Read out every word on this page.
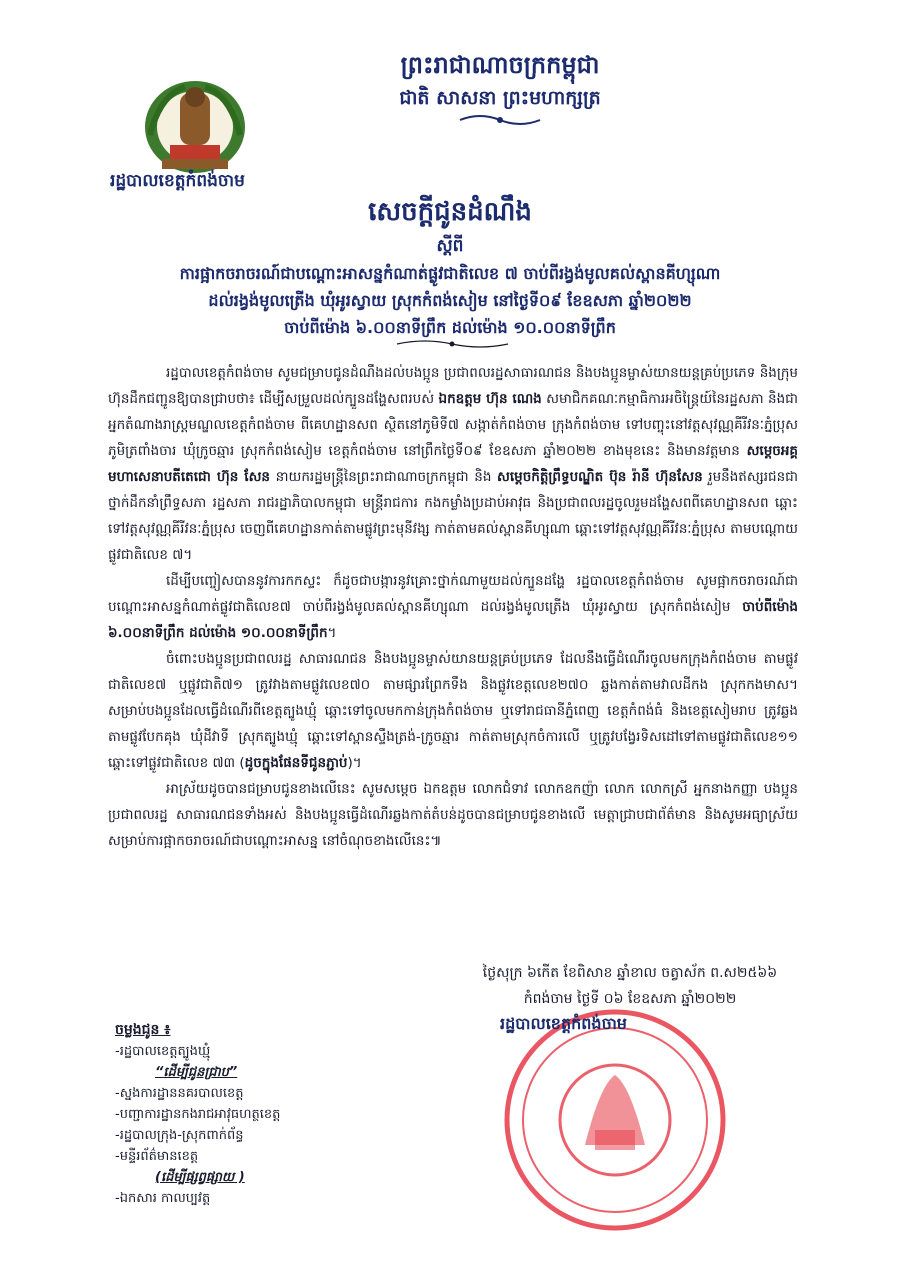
ព្រះរាជាណាចក្រកម្ពុជា
ជាតិ សាសនា ព្រះមហាក្សត្រ
រដ្ឋបាលខេត្តកំពង់ចាម
សេចក្តីជូនដំណឹង
ស្តីពី
ការផ្អាកចរាចរណ៍ជាបណ្តោះអាសន្នកំណាត់ផ្លូវជាតិលេខ ៧ ចាប់ពីរង្វង់មូលគល់ស្ពានគីហ្សុណា
ដល់រង្វង់មូលត្រើង ឃុំអូរស្វាយ ស្រុកកំពង់សៀម នៅថ្ងៃទី០៩ ខែឧសភា ឆ្នាំ២០២២
ចាប់ពីម៉ោង ៦.០០នាទីព្រឹក ដល់ម៉ោង ១០.០០នាទីព្រឹក

រដ្ឋបាលខេត្តកំពង់ចាម សូមជម្រាបជូនដំណឹងដល់បងប្អូន ប្រជាពលរដ្ឋសាធារណជន និងបងប្អូនម្ចាស់យានយន្តគ្រប់ប្រភេទ និងក្រុមហ៊ុនដឹកជញ្ជូនឱ្យបានជ្រាបថា៖ ដើម្បីសម្រួលដល់ក្បួនដង្ហែសពរបស់ ឯកឧត្តម ហ៊ុន ណេង សមាជិកគណៈកម្មាធិការអចិន្ត្រៃយ៍នៃរដ្ឋសភា និងជាអ្នកតំណាងរាស្ត្រមណ្ឌលខេត្តកំពង់ចាម ពីគេហដ្ឋានសព ស្ថិតនៅភូមិទី៧ សង្កាត់កំពង់ចាម ក្រុងកំពង់ចាម ទៅបញ្ចុះនៅវត្តសុវណ្ណគីរីវនៈភ្នំប្រុស ភូមិត្រពាំងចារ ឃុំក្រូចឆ្មារ ស្រុកកំពង់សៀម ខេត្តកំពង់ចាម នៅព្រឹកថ្ងៃទី០៩ ខែឧសភា ឆ្នាំ២០២២ ខាងមុខនេះ និងមានវត្តមាន សម្តេចអគ្គមហាសេនាបតីតេជោ ហ៊ុន សែន នាយករដ្ឋមន្ត្រីនៃព្រះរាជាណាចក្រកម្ពុជា និង សម្តេចកិត្តិព្រឹទ្ធបណ្ឌិត ប៊ុន រ៉ានី ហ៊ុនសែន រួមនឹងឥស្សរជនជាថ្នាក់ដឹកនាំព្រឹទ្ធសភា រដ្ឋសភា រាជរដ្ឋាភិបាលកម្ពុជា មន្ត្រីរាជការ កងកម្លាំងប្រដាប់អាវុធ និងប្រជាពលរដ្ឋចូលរួមដង្ហែសពពីគេហដ្ឋានសព ឆ្ពោះទៅវត្តសុវណ្ណគីរីវនៈភ្នំប្រុស ចេញពីគេហដ្ឋានកាត់តាមផ្លូវព្រះមុនីវង្ស កាត់តាមគល់ស្ពានគីហ្សុណា ឆ្ពោះទៅវត្តសុវណ្ណគីរីវនៈភ្នំប្រុស តាមបណ្តោយផ្លូវជាតិលេខ ៧។

ដើម្បីបញ្ចៀសបាននូវការកកស្ទះ ក៏ដូចជាបង្ការនូវគ្រោះថ្នាក់ណាមួយដល់ក្បួនដង្ហែ រដ្ឋបាលខេត្តកំពង់ចាម សូមផ្អាកចរាចរណ៍ជាបណ្តោះអាសន្នកំណាត់ផ្លូវជាតិលេខ៧ ចាប់ពីរង្វង់មូលគល់ស្ពានគីហ្សុណា ដល់រង្វង់មូលត្រើង ឃុំអូរស្វាយ ស្រុកកំពង់សៀម ចាប់ពីម៉ោង ៦.០០នាទីព្រឹក ដល់ម៉ោង ១០.០០នាទីព្រឹក។

ចំពោះបងប្អូនប្រជាពលរដ្ឋ សាធារណជន និងបងប្អូនម្ចាស់យានយន្តគ្រប់ប្រភេទ ដែលនឹងធ្វើដំណើរចូលមកក្រុងកំពង់ចាម តាមផ្លូវជាតិលេខ៧ ឬផ្លូវជាតិ៧១ ត្រូវវាងតាមផ្លូវលេខ៧០ តាមផ្សារព្រែកទឹង និងផ្លូវខេត្តលេខ២៧០ ឆ្លងកាត់តាមវាលដីកង ស្រុកកងមាស។ សម្រាប់បងប្អូនដែលធ្វើដំណើរពីខេត្តត្បូងឃ្មុំ ឆ្ពោះទៅចូលមកកាន់ក្រុងកំពង់ចាម ឬទៅរាជធានីភ្នំពេញ ខេត្តកំពង់ធំ និងខេត្តសៀមរាប ត្រូវឆ្លងតាមផ្លូវបែកគុង ឃុំដីវាទី ស្រុកត្បូងឃ្មុំ ឆ្ពោះទៅស្ពានស្ទឹងត្រង់-ក្រូចឆ្មារ កាត់តាមស្រុកចំការលើ ឬត្រូវបង្វែរទិសដៅទៅតាមផ្លូវជាតិលេខ១១ ឆ្ពោះទៅផ្លូវជាតិលេខ ៧៣ (ដូចក្នុងផែនទីជូនភ្ជាប់)។

អាស្រ័យដូចបានជម្រាបជូនខាងលើនេះ សូមសម្តេច ឯកឧត្តម លោកជំទាវ លោកឧកញ៉ា លោក លោកស្រី អ្នកនាងកញ្ញា បងប្អូនប្រជាពលរដ្ឋ សាធារណជនទាំងអស់ និងបងប្អូនធ្វើដំណើរឆ្លងកាត់តំបន់ដូចបានជម្រាបជូនខាងលើ មេត្តាជ្រាបជាព័ត៌មាន និងសូមអធ្យាស្រ័យ សម្រាប់ការផ្អាកចរាចរណ៍ជាបណ្តោះអាសន្ន នៅចំណុចខាងលើនេះ៕

ថ្ងៃសុក្រ ៦កើត ខែពិសាខ ឆ្នាំខាល ចត្វាស័ក ព.ស២៥៦៦
កំពង់ចាម ថ្ងៃទី ០៦ ខែឧសភា ឆ្នាំ២០២២
រដ្ឋបាលខេត្តកំពង់ចាម
ចម្លងជូន ៖
-រដ្ឋបាលខេត្តត្បូងឃ្មុំ
“ដើម្បីជូនជ្រាប”
-ស្នងការដ្ឋាននគរបាលខេត្ត
-បញ្ជាការដ្ឋានកងរាជអាវុធហត្ថខេត្ត
-រដ្ឋបាលក្រុង-ស្រុកពាក់ព័ន្ធ
-មន្ទីរព័ត៌មានខេត្ត
(ដើម្បីផ្សព្វផ្សាយ )
-ឯកសារ កាលប្បវត្ត
